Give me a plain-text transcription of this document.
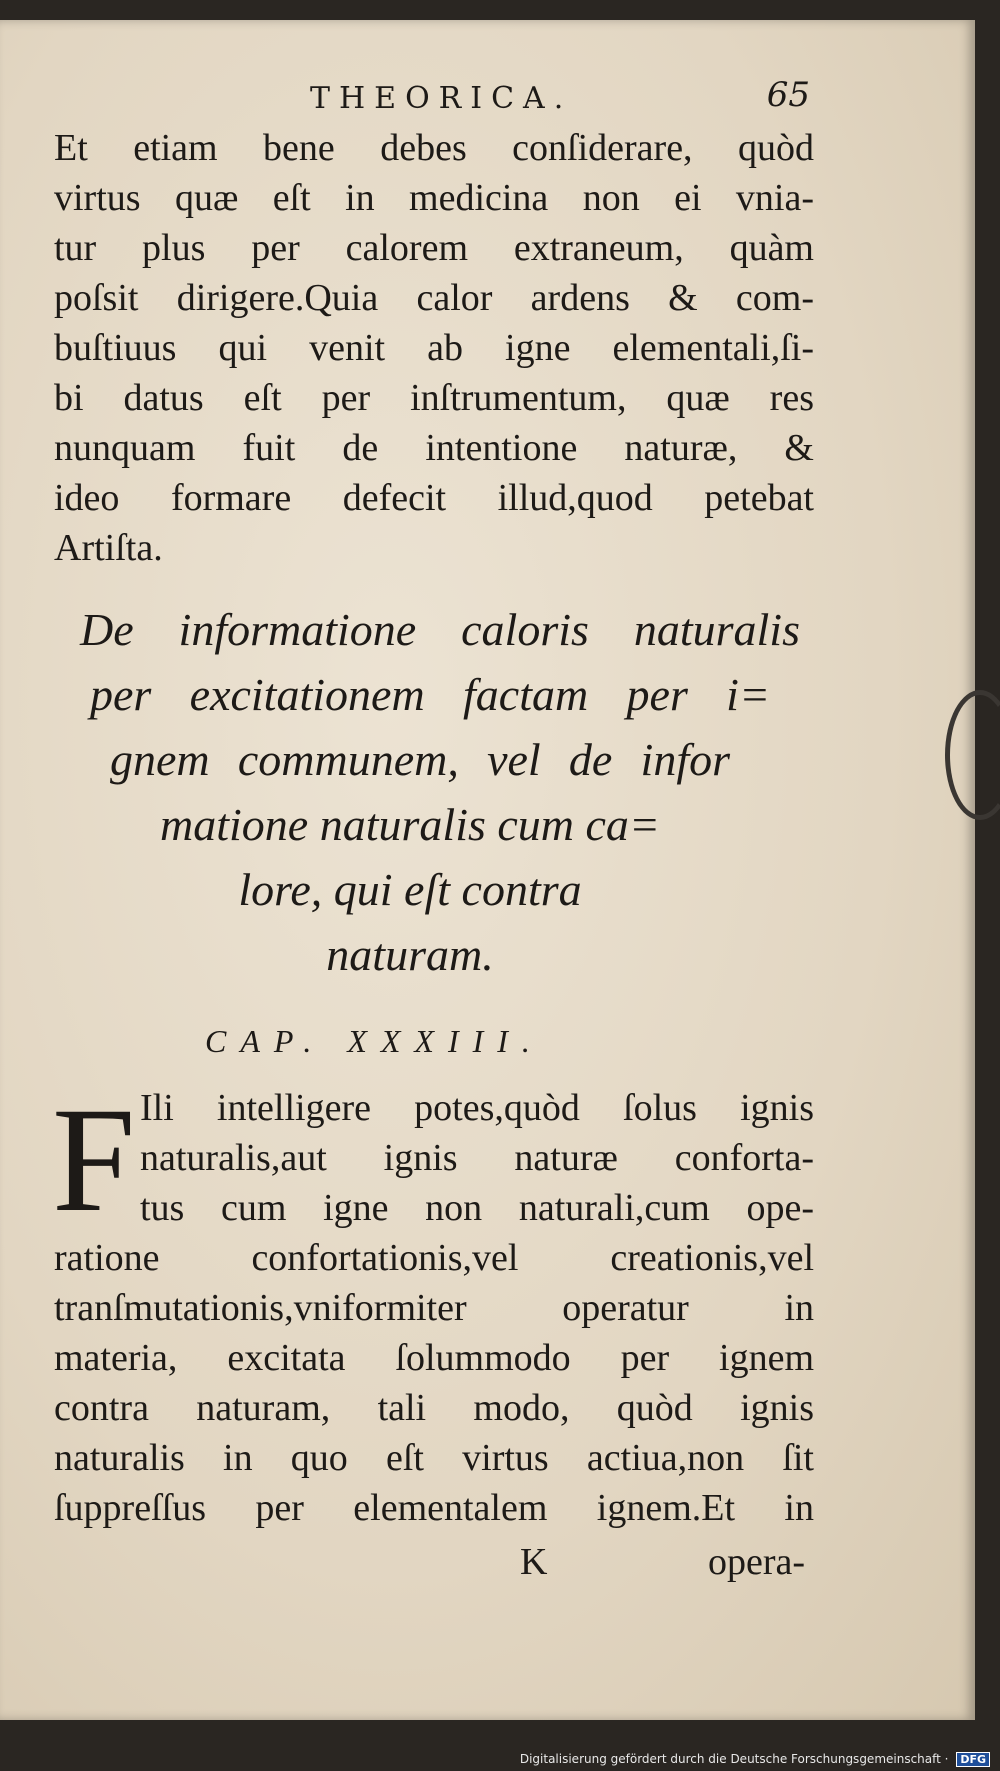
THEORICA.	65
Et etiam bene debes conſiderare, quòd
virtus quæ eſt in medicina non ei vnia-
tur plus per calorem extraneum, quàm
poſsit dirigere.Quia calor ardens & com-
buſtiuus qui venit ab igne elementali,ſi-
bi datus eſt per inſtrumentum, quæ res
nunquam fuit de intentione naturæ, &
ideo formare defecit illud,quod petebat
Artiſta.
De informatione caloris naturalis
per excitationem factam per i=
gnem communem, vel de infor
matione naturalis cum ca=
lore, qui eſt contra
naturam.
CAP. XXXIII.
F Ili intelligere potes,quòd ſolus ignis
naturalis,aut ignis naturæ conforta-
tus cum igne non naturali,cum ope-
ratione confortationis,vel creationis,vel
tranſmutationis,vniformiter operatur in
materia, excitata ſolummodo per ignem
contra naturam, tali modo, quòd ignis
naturalis in quo eſt virtus actiua,non ſit
ſuppreſſus per elementalem ignem.Et in
K	opera-
Digitalisierung gefördert durch die Deutsche Forschungsgemeinschaft · DFG
